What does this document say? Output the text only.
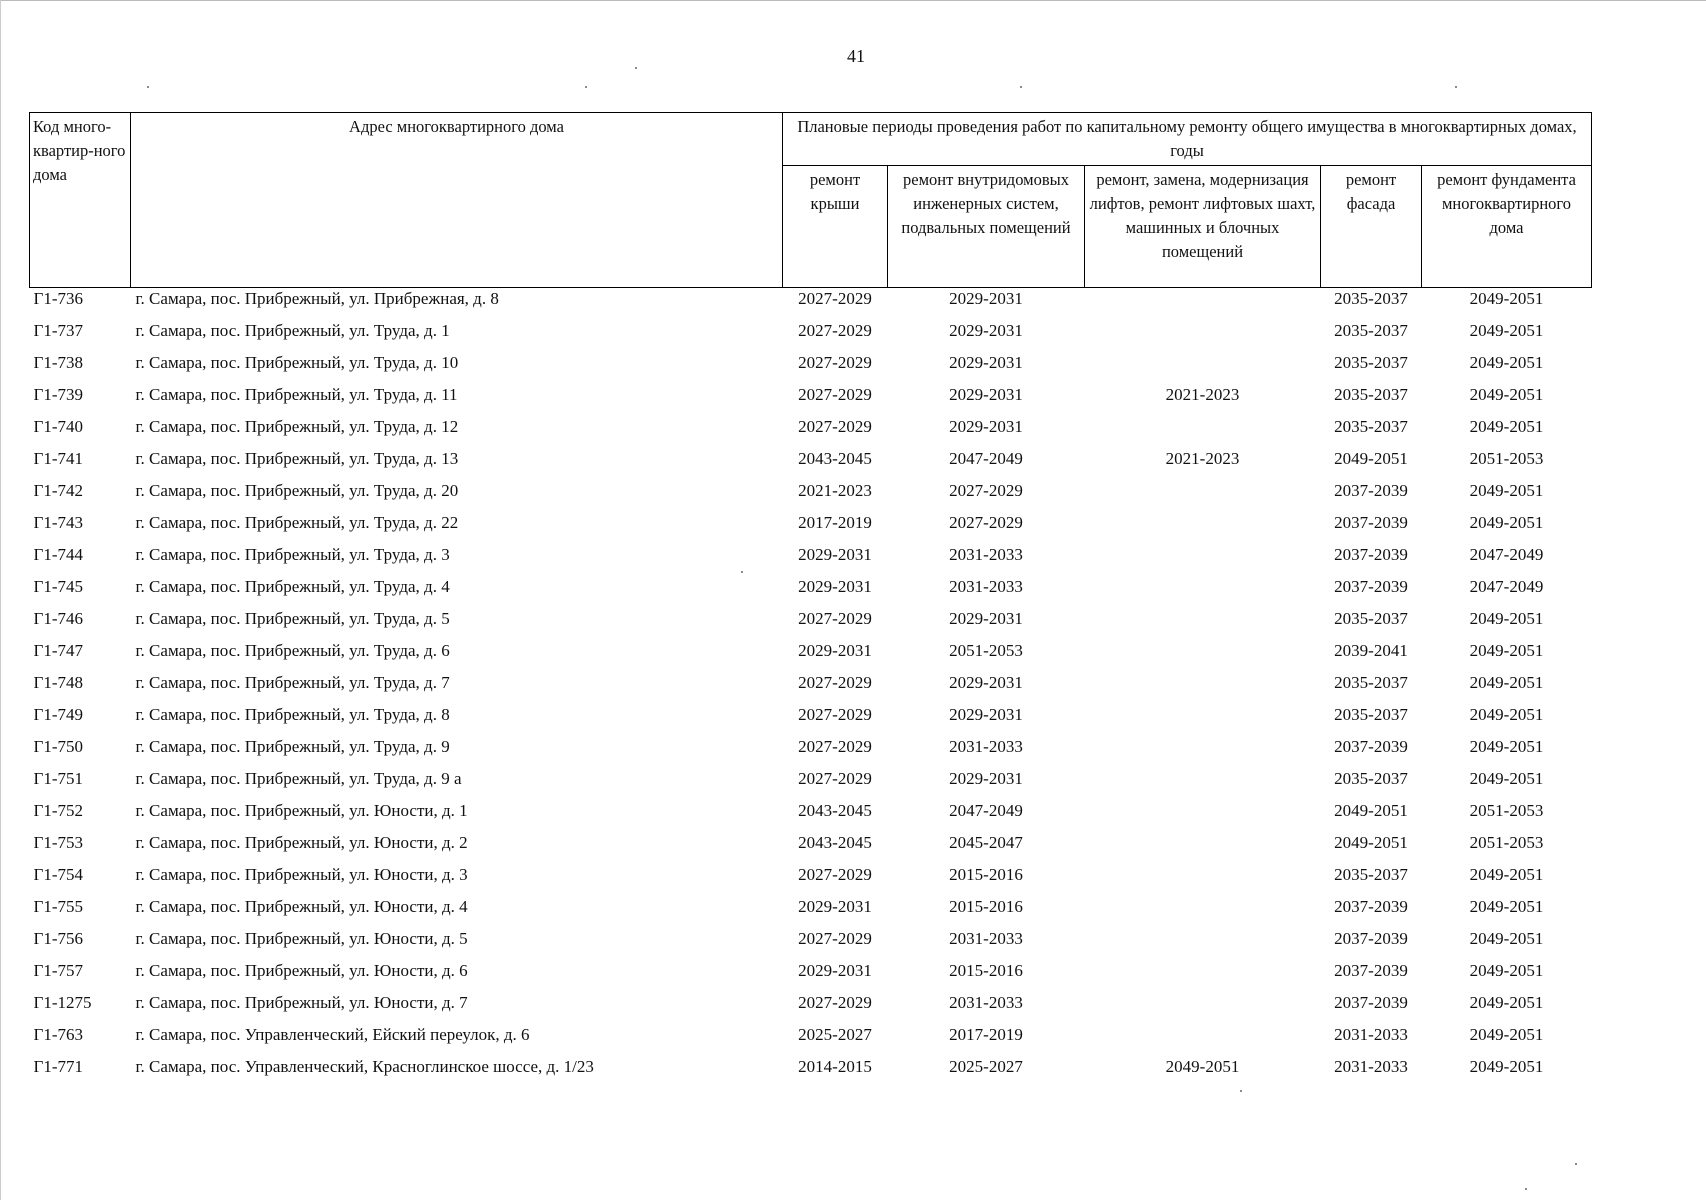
41
Код много-квартир-ного дома	Адрес многоквартирного дома	Плановые периоды проведения работ по капитальному ремонту общего имущества в многоквартирных домах, годы				
		ремонт крыши	ремонт внутридомовых инженерных систем, подвальных помещений	ремонт, замена, модернизация лифтов, ремонт лифтовых шахт, машинных и блочных помещений	ремонт фасада	ремонт фундамента многоквартирного дома
Г1-736	г. Самара, пос. Прибрежный, ул. Прибрежная, д. 8	2027-2029	2029-2031		2035-2037	2049-2051
Г1-737	г. Самара, пос. Прибрежный, ул. Труда, д. 1	2027-2029	2029-2031		2035-2037	2049-2051
Г1-738	г. Самара, пос. Прибрежный, ул. Труда, д. 10	2027-2029	2029-2031		2035-2037	2049-2051
Г1-739	г. Самара, пос. Прибрежный, ул. Труда, д. 11	2027-2029	2029-2031	2021-2023	2035-2037	2049-2051
Г1-740	г. Самара, пос. Прибрежный, ул. Труда, д. 12	2027-2029	2029-2031		2035-2037	2049-2051
Г1-741	г. Самара, пос. Прибрежный, ул. Труда, д. 13	2043-2045	2047-2049	2021-2023	2049-2051	2051-2053
Г1-742	г. Самара, пос. Прибрежный, ул. Труда, д. 20	2021-2023	2027-2029		2037-2039	2049-2051
Г1-743	г. Самара, пос. Прибрежный, ул. Труда, д. 22	2017-2019	2027-2029		2037-2039	2049-2051
Г1-744	г. Самара, пос. Прибрежный, ул. Труда, д. 3	2029-2031	2031-2033		2037-2039	2047-2049
Г1-745	г. Самара, пос. Прибрежный, ул. Труда, д. 4	2029-2031	2031-2033		2037-2039	2047-2049
Г1-746	г. Самара, пос. Прибрежный, ул. Труда, д. 5	2027-2029	2029-2031		2035-2037	2049-2051
Г1-747	г. Самара, пос. Прибрежный, ул. Труда, д. 6	2029-2031	2051-2053		2039-2041	2049-2051
Г1-748	г. Самара, пос. Прибрежный, ул. Труда, д. 7	2027-2029	2029-2031		2035-2037	2049-2051
Г1-749	г. Самара, пос. Прибрежный, ул. Труда, д. 8	2027-2029	2029-2031		2035-2037	2049-2051
Г1-750	г. Самара, пос. Прибрежный, ул. Труда, д. 9	2027-2029	2031-2033		2037-2039	2049-2051
Г1-751	г. Самара, пос. Прибрежный, ул. Труда, д. 9 а	2027-2029	2029-2031		2035-2037	2049-2051
Г1-752	г. Самара, пос. Прибрежный, ул. Юности, д. 1	2043-2045	2047-2049		2049-2051	2051-2053
Г1-753	г. Самара, пос. Прибрежный, ул. Юности, д. 2	2043-2045	2045-2047		2049-2051	2051-2053
Г1-754	г. Самара, пос. Прибрежный, ул. Юности, д. 3	2027-2029	2015-2016		2035-2037	2049-2051
Г1-755	г. Самара, пос. Прибрежный, ул. Юности, д. 4	2029-2031	2015-2016		2037-2039	2049-2051
Г1-756	г. Самара, пос. Прибрежный, ул. Юности, д. 5	2027-2029	2031-2033		2037-2039	2049-2051
Г1-757	г. Самара, пос. Прибрежный, ул. Юности, д. 6	2029-2031	2015-2016		2037-2039	2049-2051
Г1-1275	г. Самара, пос. Прибрежный, ул. Юности, д. 7	2027-2029	2031-2033		2037-2039	2049-2051
Г1-763	г. Самара, пос. Управленческий, Ейский переулок, д. 6	2025-2027	2017-2019		2031-2033	2049-2051
Г1-771	г. Самара, пос. Управленческий, Красноглинское шоссе, д. 1/23	2014-2015	2025-2027	2049-2051	2031-2033	2049-2051
